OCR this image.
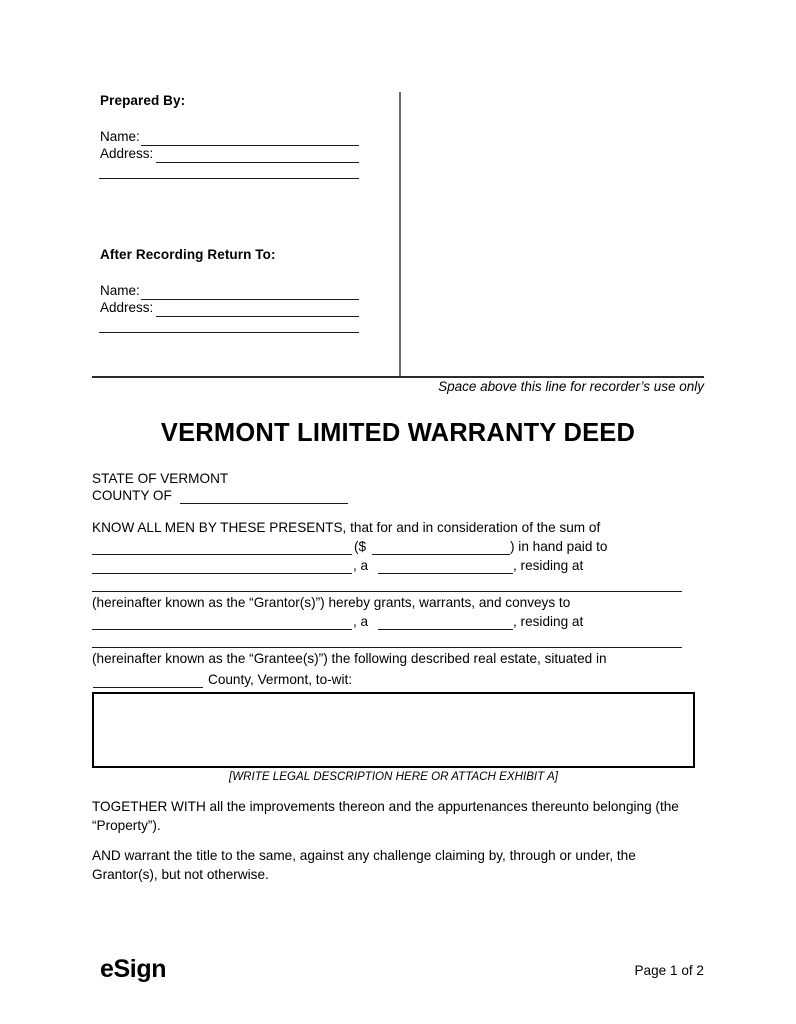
Prepared By:
Name:
Address:
After Recording Return To:
Name:
Address:
Space above this line for recorder’s use only
VERMONT LIMITED WARRANTY DEED
STATE OF VERMONT
COUNTY OF
KNOW ALL MEN BY THESE PRESENTS, that for and in consideration of the sum of
($	) in hand paid to
, a	, residing at
(hereinafter known as the “Grantor(s)”) hereby grants, warrants, and conveys to
, a	, residing at
(hereinafter known as the “Grantee(s)”) the following described real estate, situated in
County, Vermont, to-wit:
[WRITE LEGAL DESCRIPTION HERE OR ATTACH EXHIBIT A]
TOGETHER WITH all the improvements thereon and the appurtenances thereunto belonging (the “Property”).
AND warrant the title to the same, against any challenge claiming by, through or under, the Grantor(s), but not otherwise.
eSign	Page 1 of 2
